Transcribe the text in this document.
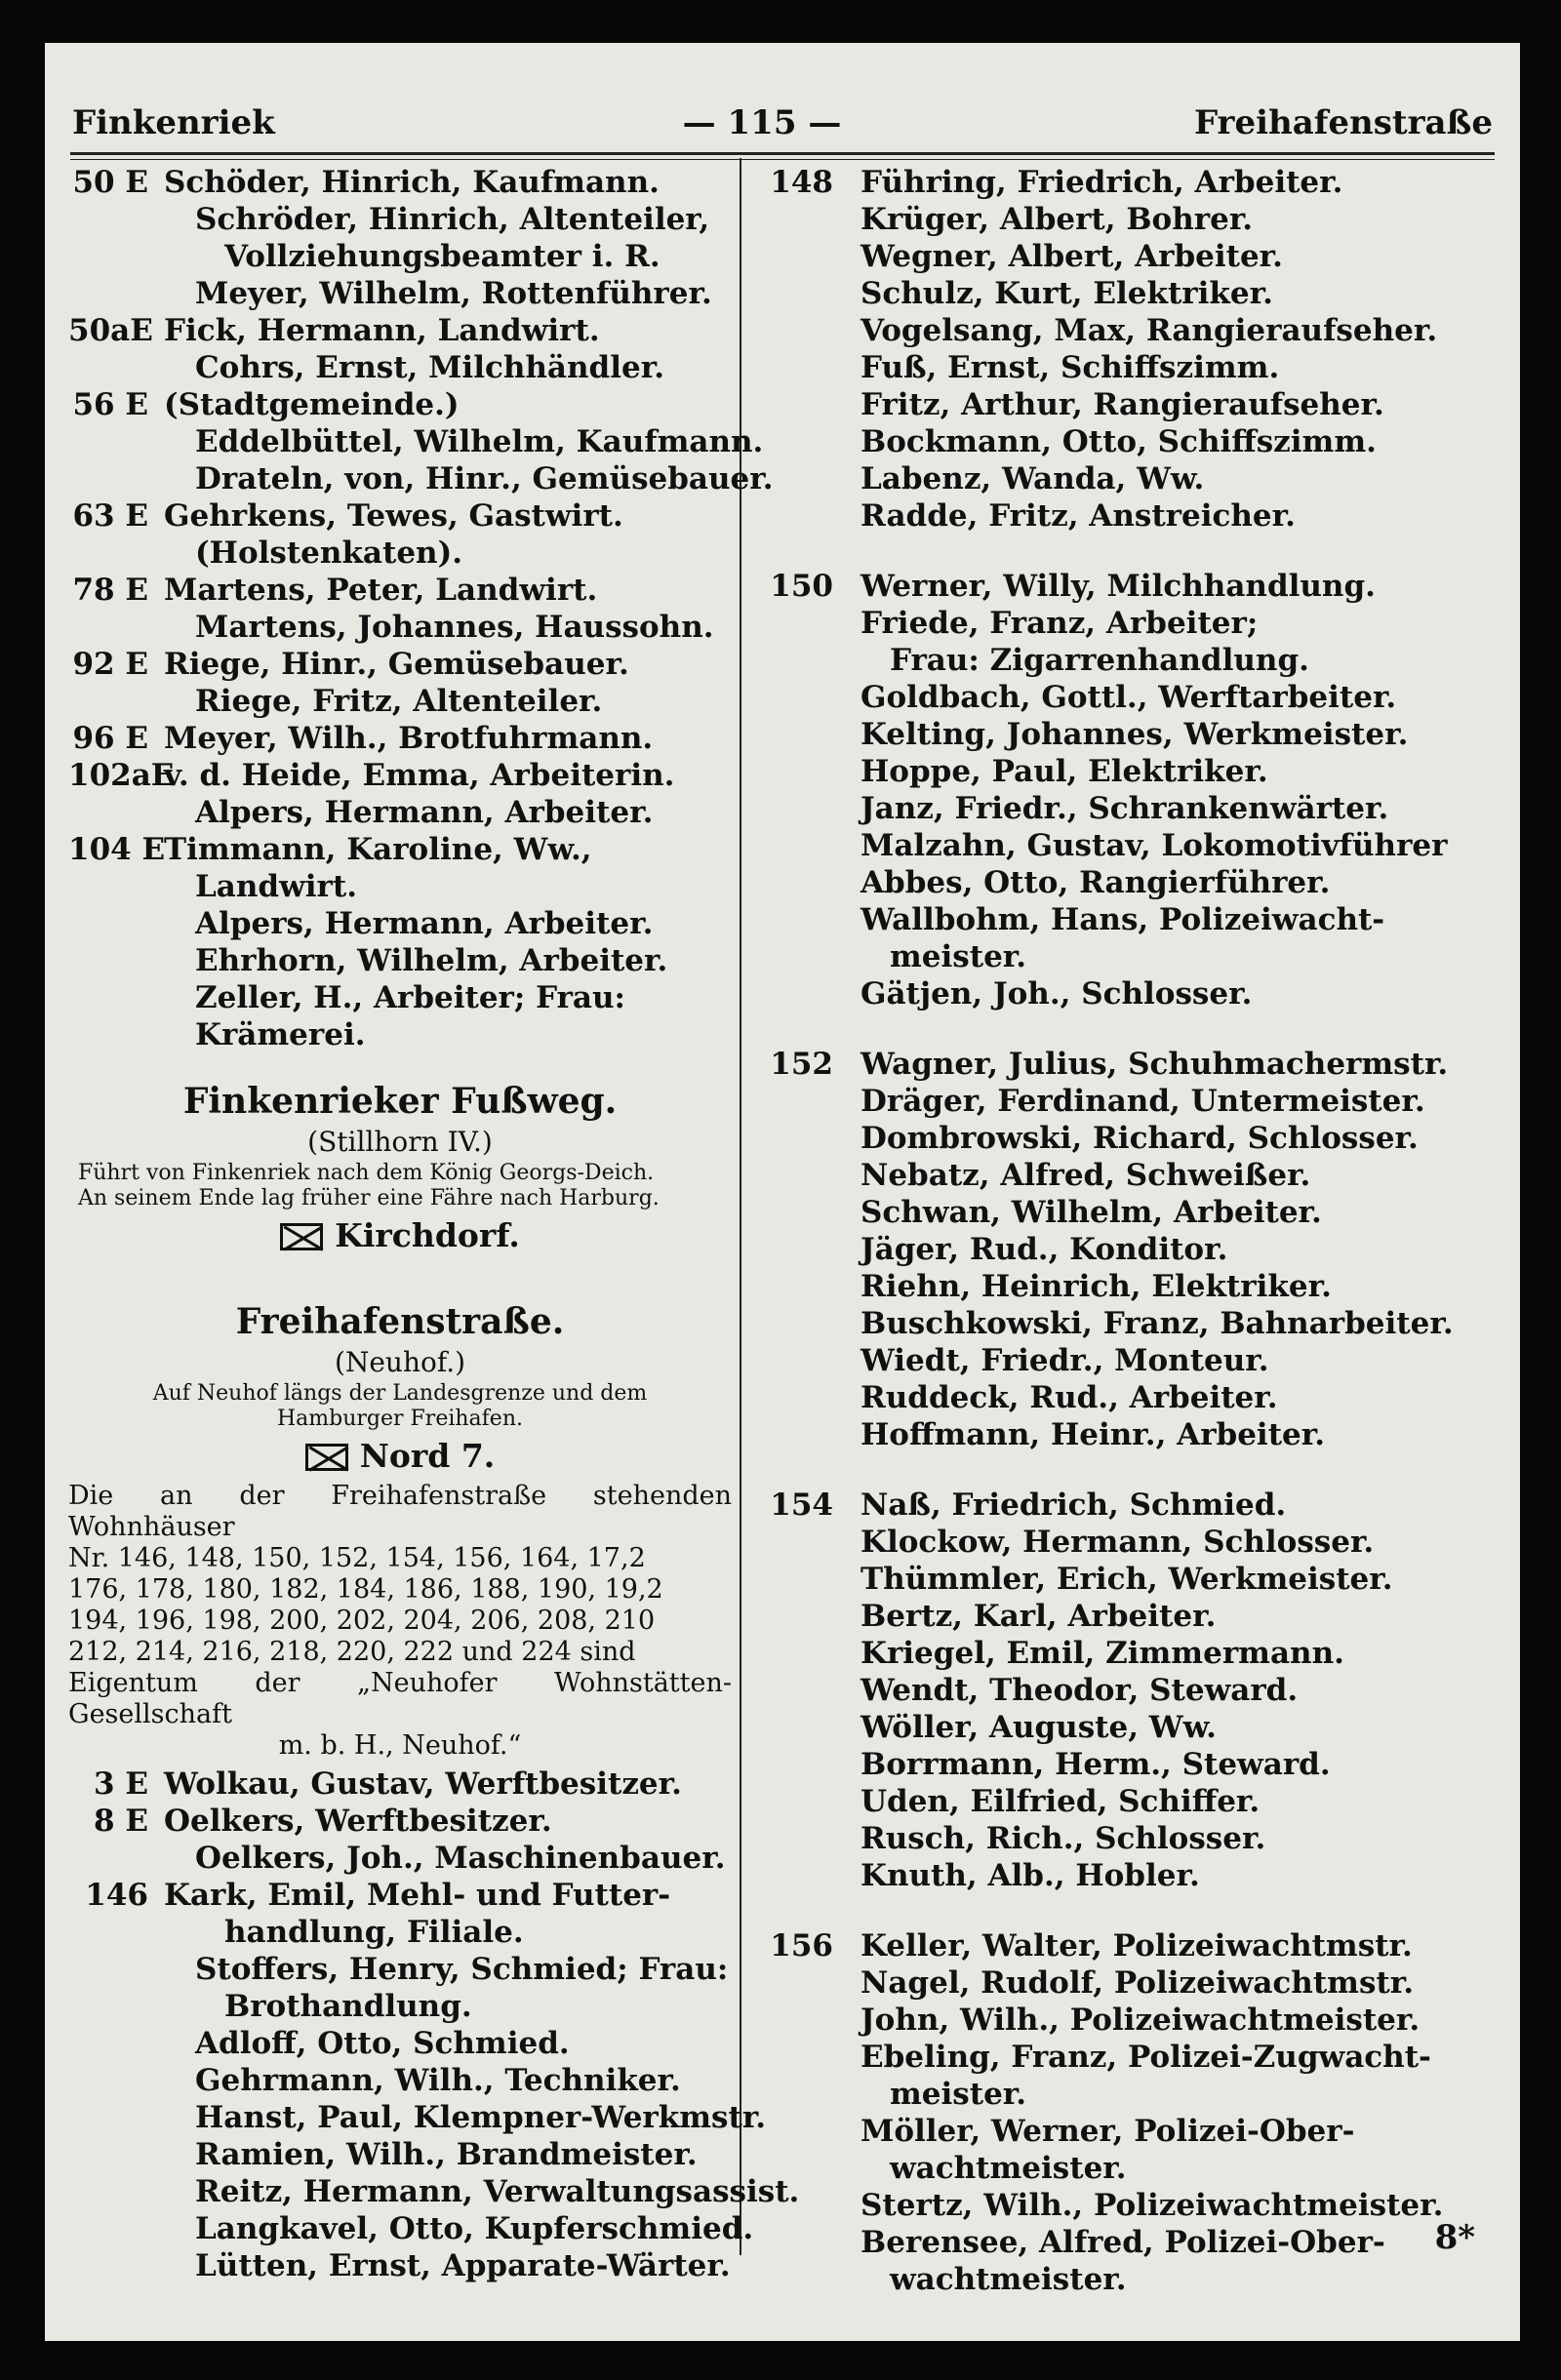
Finkenriek	— 115 —	Freihafenstraße
50 E Schöder, Hinrich, Kaufmann.
Schröder, Hinrich, Altenteiler,
Vollziehungsbeamter i. R.
Meyer, Wilhelm, Rottenführer.
50aE Fick, Hermann, Landwirt.
Cohrs, Ernst, Milchhändler.
56 E (Stadtgemeinde.)
Eddelbüttel, Wilhelm, Kaufmann.
Drateln, von, Hinr., Gemüsebauer.
63 E Gehrkens, Tewes, Gastwirt.
(Holstenkaten).
78 E Martens, Peter, Landwirt.
Martens, Johannes, Haussohn.
92 E Riege, Hinr., Gemüsebauer.
Riege, Fritz, Altenteiler.
96 E Meyer, Wilh., Brotfuhrmann.
102aE
v. d. Heide, Emma, Arbeiterin.
Alpers, Hermann, Arbeiter.
104 E
Timmann, Karoline, Ww.,
Landwirt.
Alpers, Hermann, Arbeiter.
Ehrhorn, Wilhelm, Arbeiter.
Zeller, H., Arbeiter; Frau:
Krämerei.
Finkenrieker Fußweg.
(Stillhorn IV.)
Führt von Finkenriek nach dem König Georgs-Deich.
An seinem Ende lag früher eine Fähre nach Harburg.
Kirchdorf.
Freihafenstraße.
(Neuhof.)
Auf Neuhof längs der Landesgrenze und dem
Hamburger Freihafen.
Nord 7.
Die an der Freihafenstraße stehenden Wohnhäuser
Nr. 146, 148, 150, 152, 154, 156, 164, 17,2
176, 178, 180, 182, 184, 186, 188, 190, 19,2
194, 196, 198, 200, 202, 204, 206, 208, 210
212, 214, 216, 218, 220, 222 und 224 sind
Eigentum der „Neuhofer Wohnstätten-Gesellschaft
m. b. H., Neuhof.“
3 E Wolkau, Gustav, Werftbesitzer.
8 E Oelkers, Werftbesitzer.
Oelkers, Joh., Maschinenbauer.
146 Kark, Emil, Mehl- und Futter-
handlung, Filiale.
Stoffers, Henry, Schmied; Frau:
Brothandlung.
Adloff, Otto, Schmied.
Gehrmann, Wilh., Techniker.
Hanst, Paul, Klempner-Werkmstr.
Ramien, Wilh., Brandmeister.
Reitz, Hermann, Verwaltungsassist.
Langkavel, Otto, Kupferschmied.
Lütten, Ernst, Apparate-Wärter.
148 Führing, Friedrich, Arbeiter.
Krüger, Albert, Bohrer.
Wegner, Albert, Arbeiter.
Schulz, Kurt, Elektriker.
Vogelsang, Max, Rangieraufseher.
Fuß, Ernst, Schiffszimm.
Fritz, Arthur, Rangieraufseher.
Bockmann, Otto, Schiffszimm.
Labenz, Wanda, Ww.
Radde, Fritz, Anstreicher.
150 Werner, Willy, Milchhandlung.
Friede, Franz, Arbeiter;
Frau: Zigarrenhandlung.
Goldbach, Gottl., Werftarbeiter.
Kelting, Johannes, Werkmeister.
Hoppe, Paul, Elektriker.
Janz, Friedr., Schrankenwärter.
Malzahn, Gustav, Lokomotivführer
Abbes, Otto, Rangierführer.
Wallbohm, Hans, Polizeiwacht-
meister.
Gätjen, Joh., Schlosser.
152 Wagner, Julius, Schuhmachermstr.
Dräger, Ferdinand, Untermeister.
Dombrowski, Richard, Schlosser.
Nebatz, Alfred, Schweißer.
Schwan, Wilhelm, Arbeiter.
Jäger, Rud., Konditor.
Riehn, Heinrich, Elektriker.
Buschkowski, Franz, Bahnarbeiter.
Wiedt, Friedr., Monteur.
Ruddeck, Rud., Arbeiter.
Hoffmann, Heinr., Arbeiter.
154 Naß, Friedrich, Schmied.
Klockow, Hermann, Schlosser.
Thümmler, Erich, Werkmeister.
Bertz, Karl, Arbeiter.
Kriegel, Emil, Zimmermann.
Wendt, Theodor, Steward.
Wöller, Auguste, Ww.
Borrmann, Herm., Steward.
Uden, Eilfried, Schiffer.
Rusch, Rich., Schlosser.
Knuth, Alb., Hobler.
156 Keller, Walter, Polizeiwachtmstr.
Nagel, Rudolf, Polizeiwachtmstr.
John, Wilh., Polizeiwachtmeister.
Ebeling, Franz, Polizei-Zugwacht-
meister.
Möller, Werner, Polizei-Ober-
wachtmeister.
Stertz, Wilh., Polizeiwachtmeister.
Berensee, Alfred, Polizei-Ober-
wachtmeister.
8*
